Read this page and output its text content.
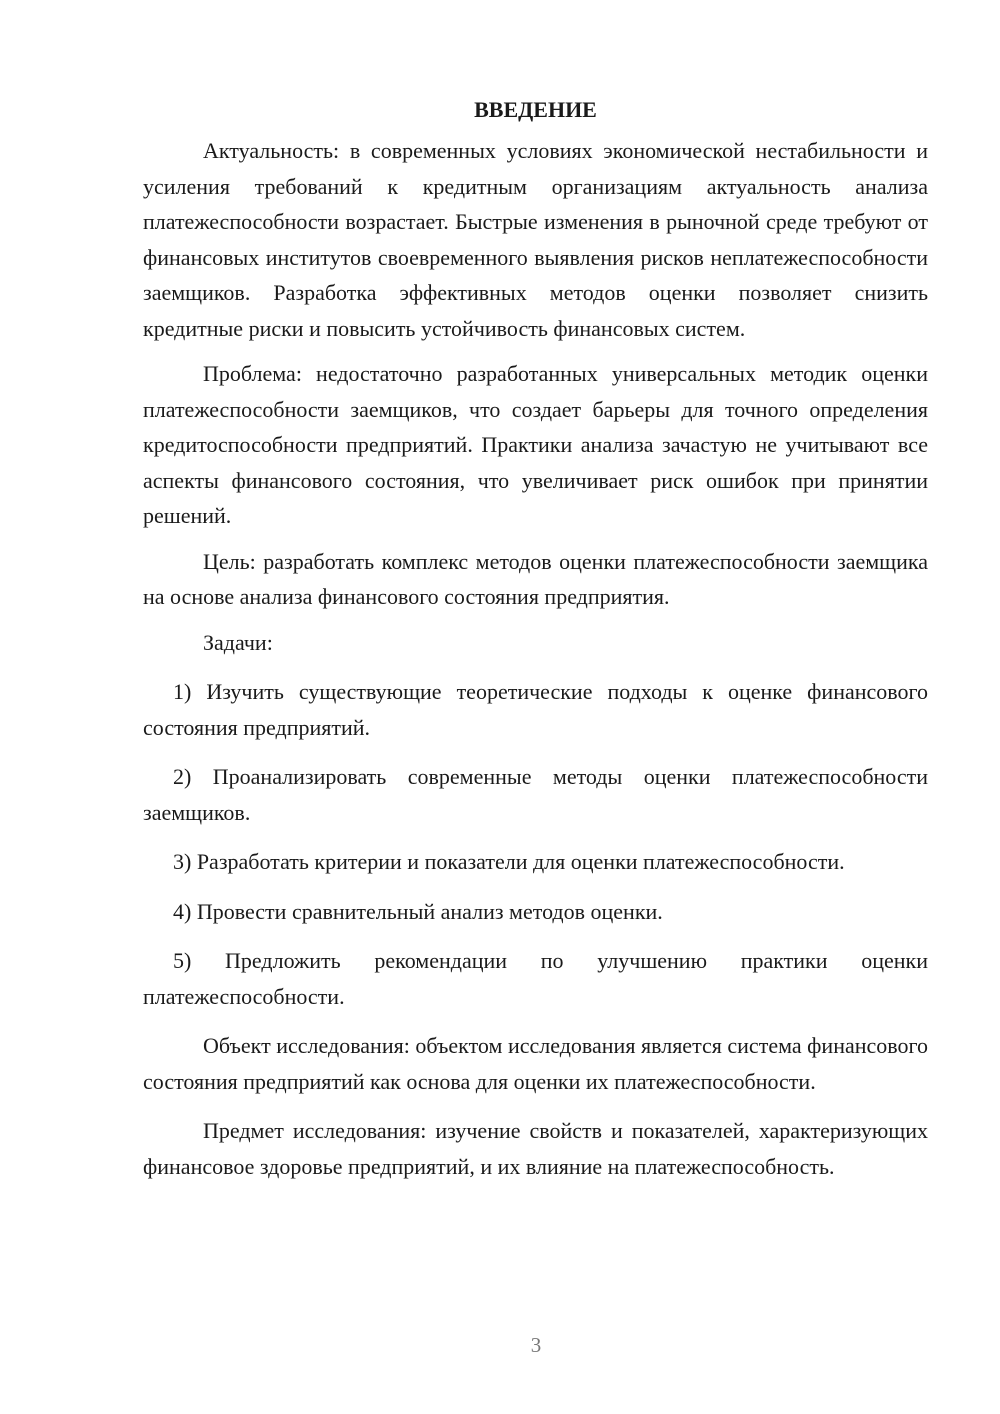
ВВЕДЕНИЕ

Актуальность: в современных условиях экономической нестабильности и усиления требований к кредитным организациям актуальность анализа платежеспособности возрастает. Быстрые изменения в рыночной среде требуют от финансовых институтов своевременного выявления рисков неплатежеспособности заемщиков. Разработка эффективных методов оценки позволяет снизить кредитные риски и повысить устойчивость финансовых систем.

Проблема: недостаточно разработанных универсальных методик оценки платежеспособности заемщиков, что создает барьеры для точного определения кредитоспособности предприятий. Практики анализа зачастую не учитывают все аспекты финансового состояния, что увеличивает риск ошибок при принятии решений.

Цель: разработать комплекс методов оценки платежеспособности заемщика на основе анализа финансового состояния предприятия.

Задачи:

1) Изучить существующие теоретические подходы к оценке финансового состояния предприятий.

2) Проанализировать современные методы оценки платежеспособности заемщиков.

3) Разработать критерии и показатели для оценки платежеспособности.

4) Провести сравнительный анализ методов оценки.

5) Предложить рекомендации по улучшению практики оценки платежеспособности.

Объект исследования: объектом исследования является система финансового состояния предприятий как основа для оценки их платежеспособности.

Предмет исследования: изучение свойств и показателей, характеризующих финансовое здоровье предприятий, и их влияние на платежеспособность.

3
